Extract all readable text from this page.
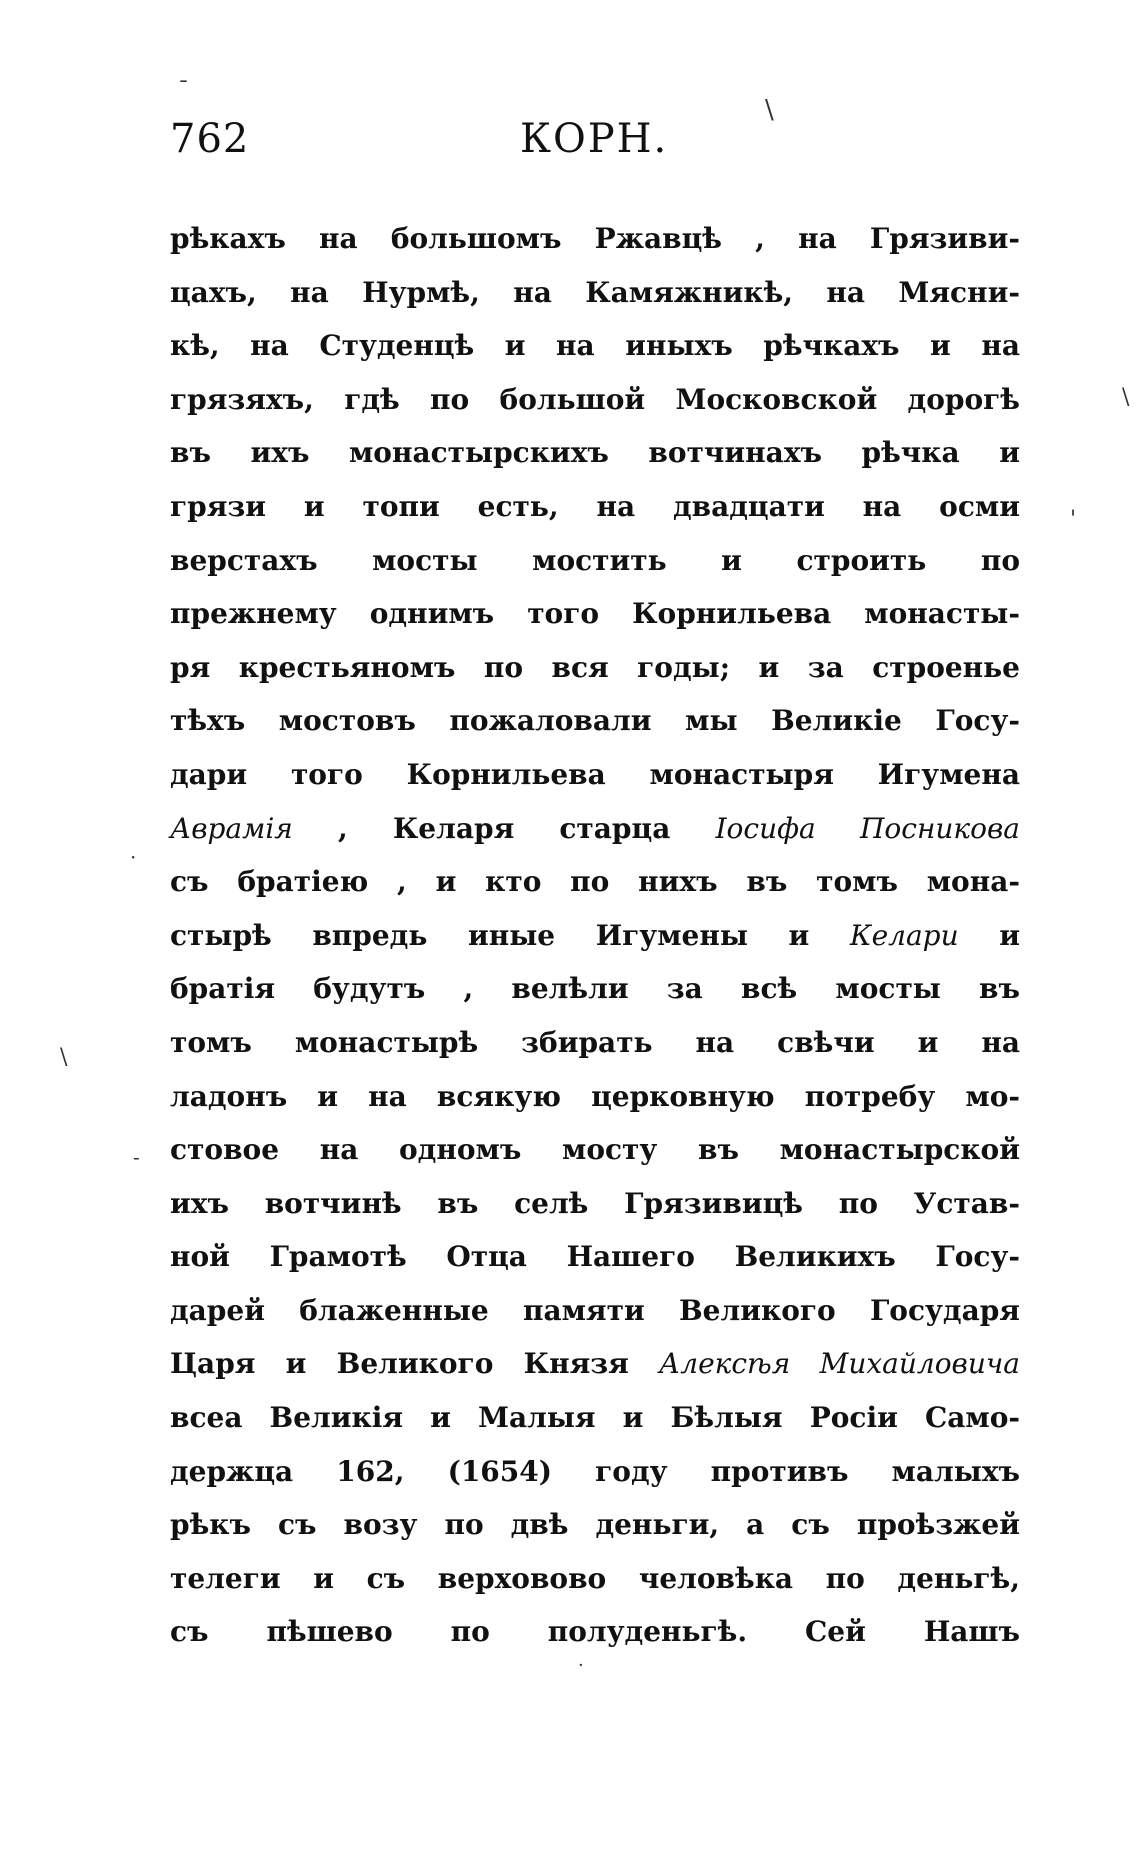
762	КОРН.
рѣкахъ на большомъ Ржавцѣ , на Грязиви-
цахъ, на Нурмѣ, на Камяжникѣ, на Мясни-
кѣ, на Студенцѣ и на иныхъ рѣчкахъ и на
грязяхъ, гдѣ по большой Московской дорогѣ
въ ихъ монастырскихъ вотчинахъ рѣчка и
грязи и топи есть, на двадцати на осми
верстахъ мосты мостить и строить по
прежнему однимъ того Корнильева монасты-
ря крестьяномъ по вся годы; и за строенье
тѣхъ мостовъ пожаловали мы Великіе Госу-
дари того Корнильева монастыря Игумена
Аврамія , Келаря старца Іосифа Посникова
съ братіею , и кто по нихъ въ томъ мона-
стырѣ впредь иные Игумены и Келари и
братія будутъ , велѣли за всѣ мосты въ
томъ монастырѣ збирать на свѣчи и на
ладонъ и на всякую церковную потребу мо-
стовое на одномъ мосту въ монастырской
ихъ вотчинѣ въ селѣ Грязивицѣ по Устав-
ной Грамотѣ Отца Нашего Великихъ Госу-
дарей блаженные памяти Великого Государя
Царя и Великого Князя Алексѣя Михайловича
всеа Великія и Малыя и Бѣлыя Росіи Само-
держца 162, (1654) году противъ малыхъ
рѣкъ съ возу по двѣ деньги, а съ проѣзжей
телеги и съ верховово человѣка по деньгѣ,
съ пѣшево по полуденьгѣ. Сей Нашъ
ˉ
\
\
'
·
\
-
·
